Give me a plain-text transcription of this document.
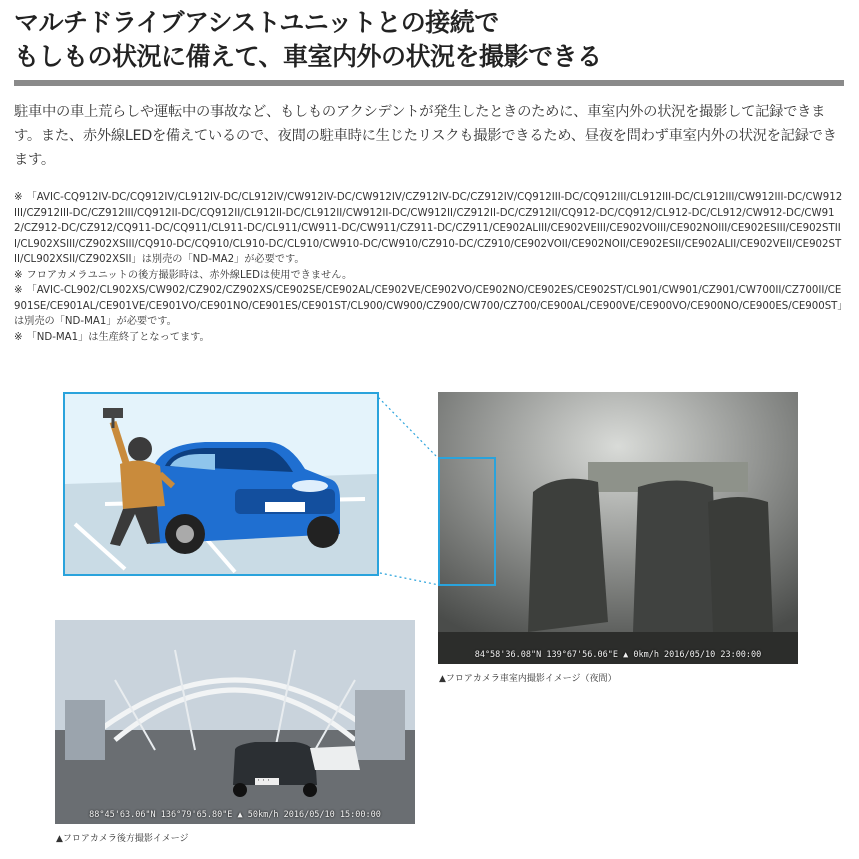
マルチドライブアシストユニットとの接続で
もしもの状況に備えて、車室内外の状況を撮影できる
駐車中の車上荒らしや運転中の事故など、もしものアクシデントが発生したときのために、車室内外の状況を撮影して記録できます。また、赤外線LEDを備えているので、夜間の駐車時に生じたリスクも撮影できるため、昼夜を問わず車室内外の状況を記録できます。

※ 「AVIC-CQ912IV-DC/CQ912IV/CL912IV-DC/CL912IV/CW912IV-DC/CW912IV/CZ912IV-DC/CZ912IV/CQ912III-DC/CQ912III/CL912III-DC/CL912III/CW912III-DC/CW912III/CZ912III-DC/CZ912III/CQ912II-DC/CQ912II/CL912II-DC/CL912II/CW912II-DC/CW912II/CZ912II-DC/CZ912II/CQ912-DC/CQ912/CL912-DC/CL912/CW912-DC/CW912/CZ912-DC/CZ912/CQ911-DC/CQ911/CL911-DC/CL911/CW911-DC/CW911/CZ911-DC/CZ911/CE902ALIII/CE902VEIII/CE902VOIII/CE902NOIII/CE902ESIII/CE902STIII/CL902XSIII/CZ902XSIII/CQ910-DC/CQ910/CL910-DC/CL910/CW910-DC/CW910/CZ910-DC/CZ910/CE902VOII/CE902NOII/CE902ESII/CE902ALII/CE902VEII/CE902STII/CL902XSII/CZ902XSII」は別売の「ND-MA2」が必要です。

※ フロアカメラユニットの後方撮影時は、赤外線LEDは使用できません。

※ 「AVIC-CL902/CL902XS/CW902/CZ902/CZ902XS/CE902SE/CE902AL/CE902VE/CE902VO/CE902NO/CE902ES/CE902ST/CL901/CW901/CZ901/CW700II/CZ700II/CE901SE/CE901AL/CE901VE/CE901VO/CE901NO/CE901ES/CE901ST/CL900/CW900/CZ900/CW700/CZ700/CE900AL/CE900VE/CE900VO/CE900NO/CE900ES/CE900ST」は別売の「ND-MA1」が必要です。

※ 「ND-MA1」は生産終了となってます。

84°58'36.08"N 139°67'56.06"E ▲ 0km/h 2016/05/10 23:00:00
▲フロアカメラ車室内撮影イメージ（夜間）
・・・
88°45'63.06"N 136°79'65.80"E ▲ 50km/h 2016/05/10 15:00:00
▲フロアカメラ後方撮影イメージ
